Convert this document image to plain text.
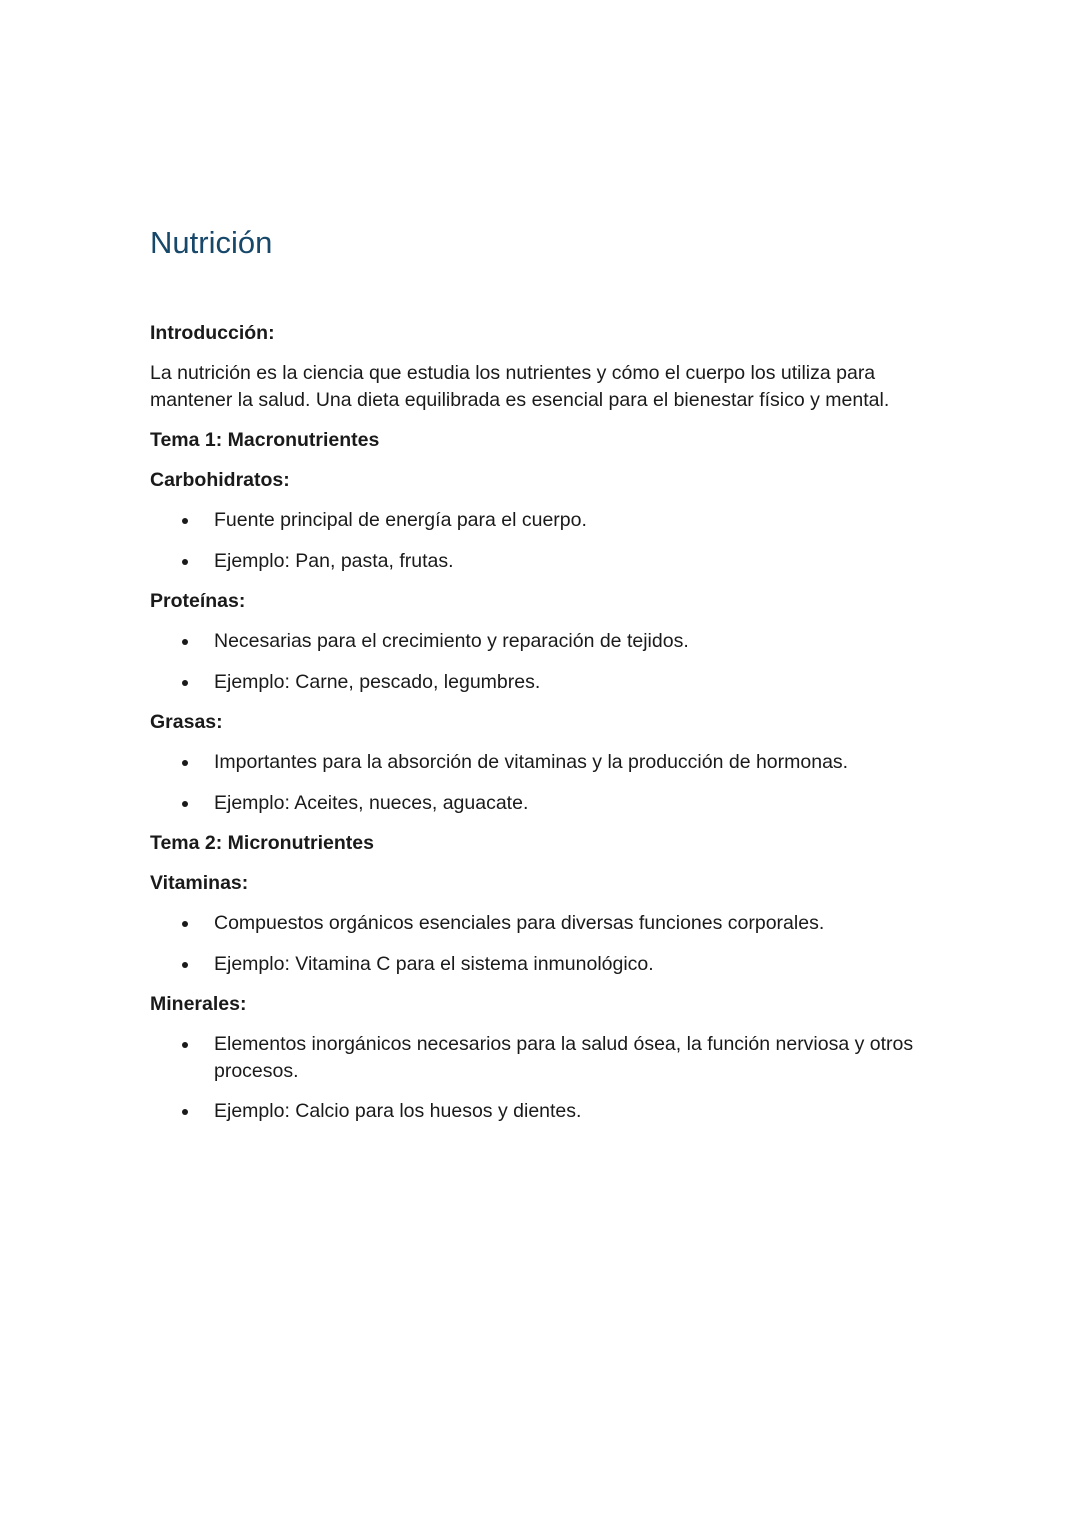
Nutrición
Introducción:

La nutrición es la ciencia que estudia los nutrientes y cómo el cuerpo los utiliza para mantener la salud. Una dieta equilibrada es esencial para el bienestar físico y mental.

Tema 1: Macronutrientes
Carbohidratos:
Fuente principal de energía para el cuerpo.
Ejemplo: Pan, pasta, frutas.
Proteínas:
Necesarias para el crecimiento y reparación de tejidos.
Ejemplo: Carne, pescado, legumbres.
Grasas:
Importantes para la absorción de vitaminas y la producción de hormonas.
Ejemplo: Aceites, nueces, aguacate.
Tema 2: Micronutrientes
Vitaminas:
Compuestos orgánicos esenciales para diversas funciones corporales.
Ejemplo: Vitamina C para el sistema inmunológico.
Minerales:
Elementos inorgánicos necesarios para la salud ósea, la función nerviosa y otros procesos.
Ejemplo: Calcio para los huesos y dientes.
